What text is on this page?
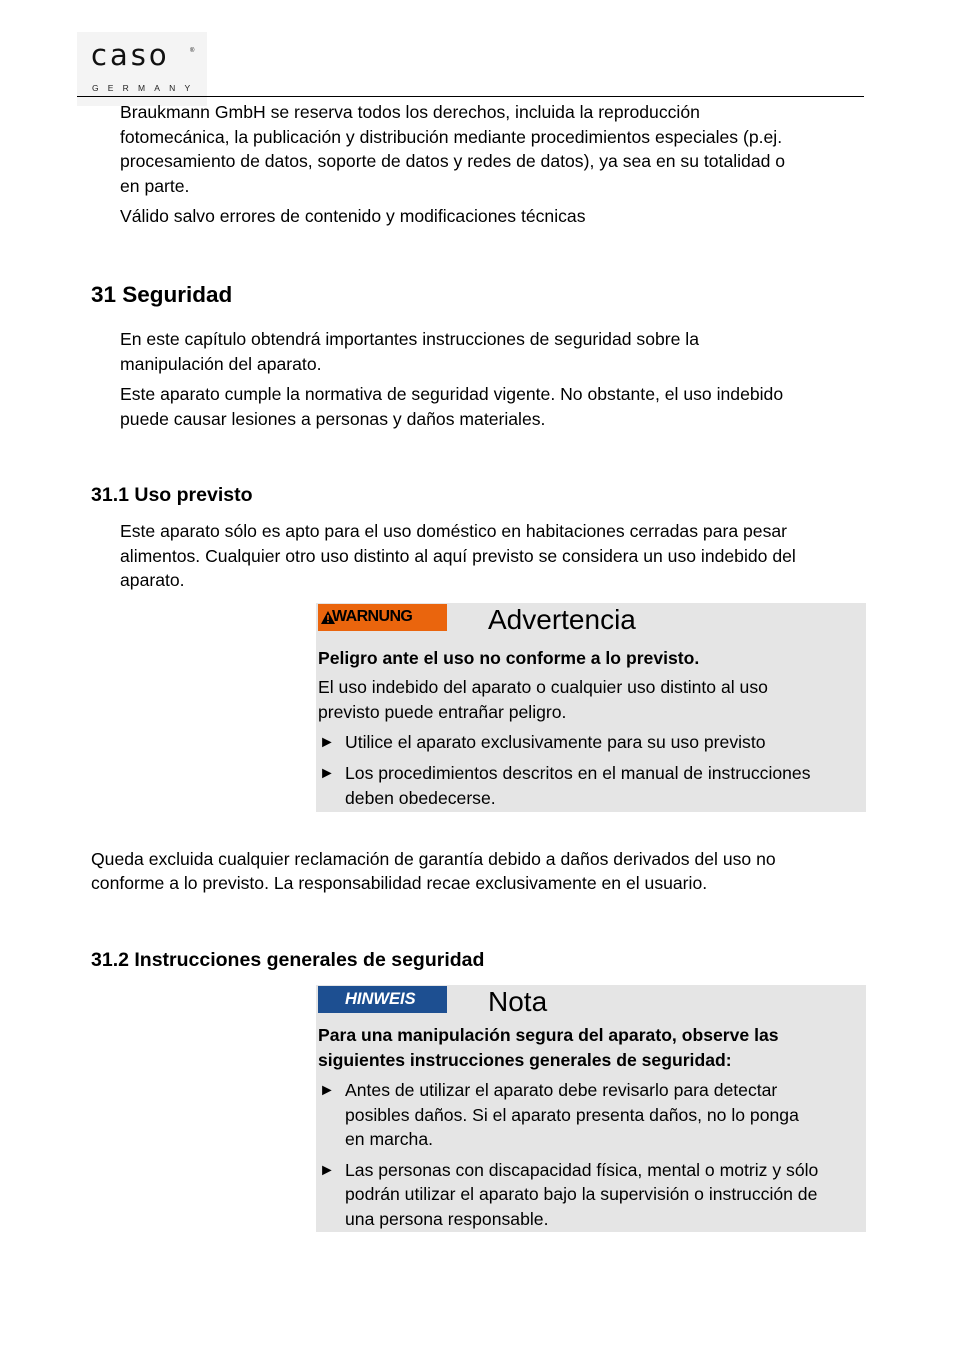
caso	®
GERMANY

Braukmann GmbH se reserva todos los derechos, incluida la reproducción

fotomecánica, la publicación y distribución mediante procedimientos especiales (p.ej.

procesamiento de datos, soporte de datos y redes de datos), ya sea en su totalidad o

en parte.

Válido salvo errores de contenido y modificaciones técnicas

31 Seguridad

En este capítulo obtendrá importantes instrucciones de seguridad sobre la

manipulación del aparato.

Este aparato cumple la normativa de seguridad vigente. No obstante, el uso indebido

puede causar lesiones a personas y daños materiales.

31.1 Uso previsto

Este aparato sólo es apto para el uso doméstico en habitaciones cerradas para pesar

alimentos. Cualquier otro uso distinto al aquí previsto se considera un uso indebido del

aparato.

WARNUNG	Advertencia

Peligro ante el uso no conforme a lo previsto.

El uso indebido del aparato o cualquier uso distinto al uso

previsto puede entrañar peligro.

► Utilice el aparato exclusivamente para su uso previsto

► Los procedimientos descritos en el manual de instrucciones

deben obedecerse.

Queda excluida cualquier reclamación de garantía debido a daños derivados del uso no

conforme a lo previsto. La responsabilidad recae exclusivamente en el usuario.

31.2 Instrucciones generales de seguridad
HINWEIS	Nota

Para una manipulación segura del aparato, observe las

siguientes instrucciones generales de seguridad:

► Antes de utilizar el aparato debe revisarlo para detectar

posibles daños. Si el aparato presenta daños, no lo ponga

en marcha.

► Las personas con discapacidad física, mental o motriz y sólo

podrán utilizar el aparato bajo la supervisión o instrucción de

una persona responsable.
